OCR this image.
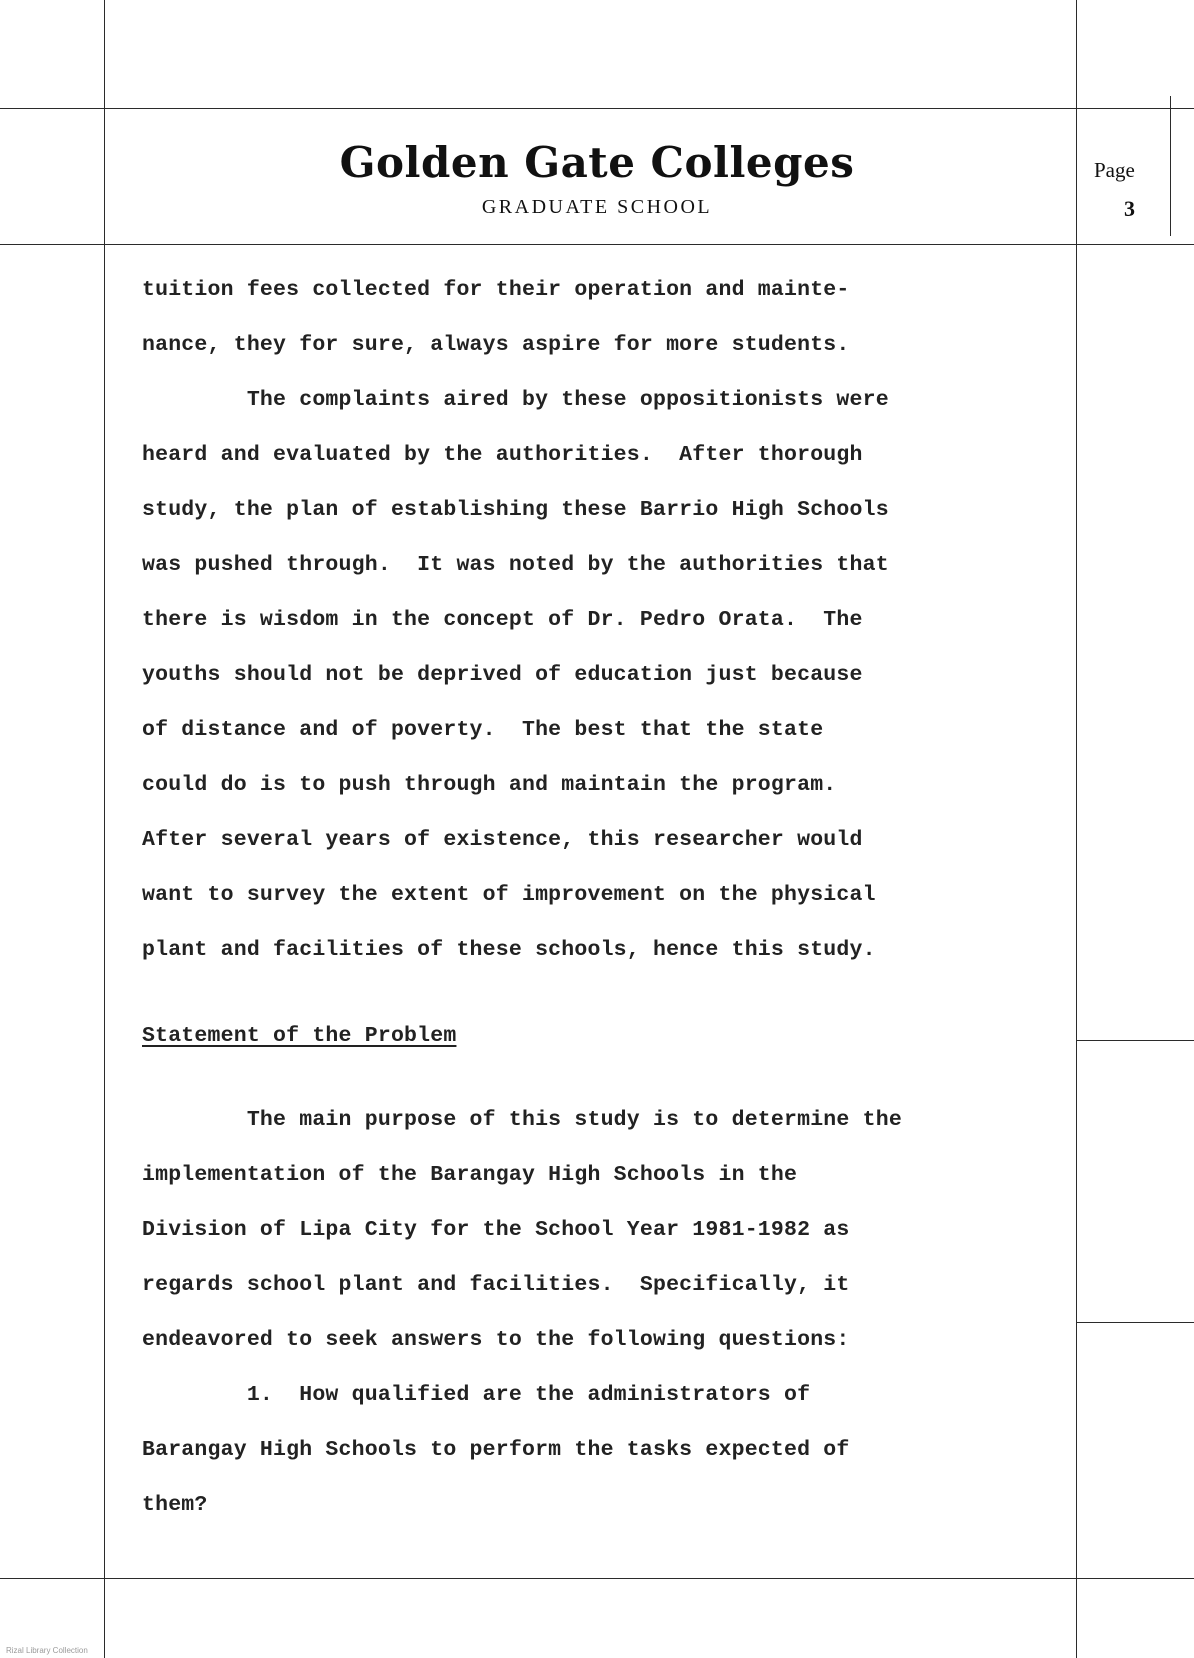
Golden Gate Colleges
GRADUATE SCHOOL
Page
3
tuition fees collected for their operation and mainte-
nance, they for sure, always aspire for more students.
The complaints aired by these oppositionists were
heard and evaluated by the authorities.  After thorough
study, the plan of establishing these Barrio High Schools
was pushed through.  It was noted by the authorities that
there is wisdom in the concept of Dr. Pedro Orata.  The
youths should not be deprived of education just because
of distance and of poverty.  The best that the state
could do is to push through and maintain the program.
After several years of existence, this researcher would
want to survey the extent of improvement on the physical
plant and facilities of these schools, hence this study.
Statement of the Problem
The main purpose of this study is to determine the
implementation of the Barangay High Schools in the
Division of Lipa City for the School Year 1981-1982 as
regards school plant and facilities.  Specifically, it
endeavored to seek answers to the following questions:
1.  How qualified are the administrators of
Barangay High Schools to perform the tasks expected of
them?
Rizal Library Collection
